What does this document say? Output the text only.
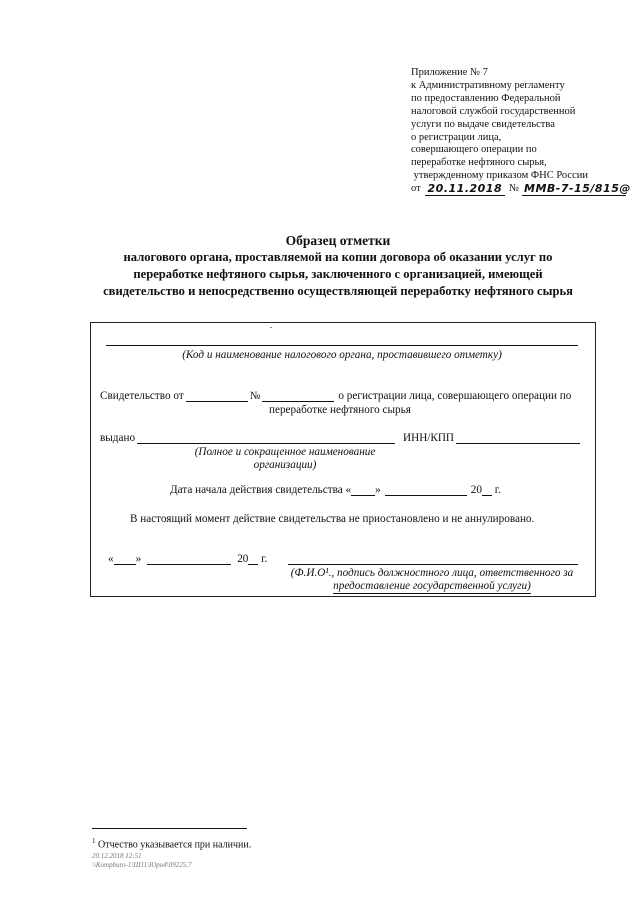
Приложение № 7
к Административному регламенту
по предоставлению Федеральной
налоговой службой государственной
услуги по выдаче свидетельства
о регистрации лица,
совершающего операции по
переработке нефтяного сырья,
утвержденному приказом ФНС России
от 20.11.2018 № ММВ-7-15/815@
Образец отметки
налогового органа, проставляемой на копии договора об оказании услуг по
переработке нефтяного сырья, заключенного с организацией, имеющей
свидетельство и непосредственно осуществляющей переработку нефтяного сырья
(Код и наименование налогового органа, проставившего отметку)
Свидетельство от	№	о регистрации лица, совершающего операции по
переработке нефтяного сырья
выдано	ИНН/КПП
(Полное и сокращенное наименование
организации)
Дата начала действия свидетельства « »	20 г.
В настоящий момент действие свидетельства не приостановлено и не аннулировано.
« »	20 г.
(Ф.И.О¹., подпись должностного лица, ответственного за
предоставление государственной услуги)
$^1$ Отчество указывается при наличии.
20.12.2018 12:51
\\Kompburo-1\Ш11\Юри4\09225.7
